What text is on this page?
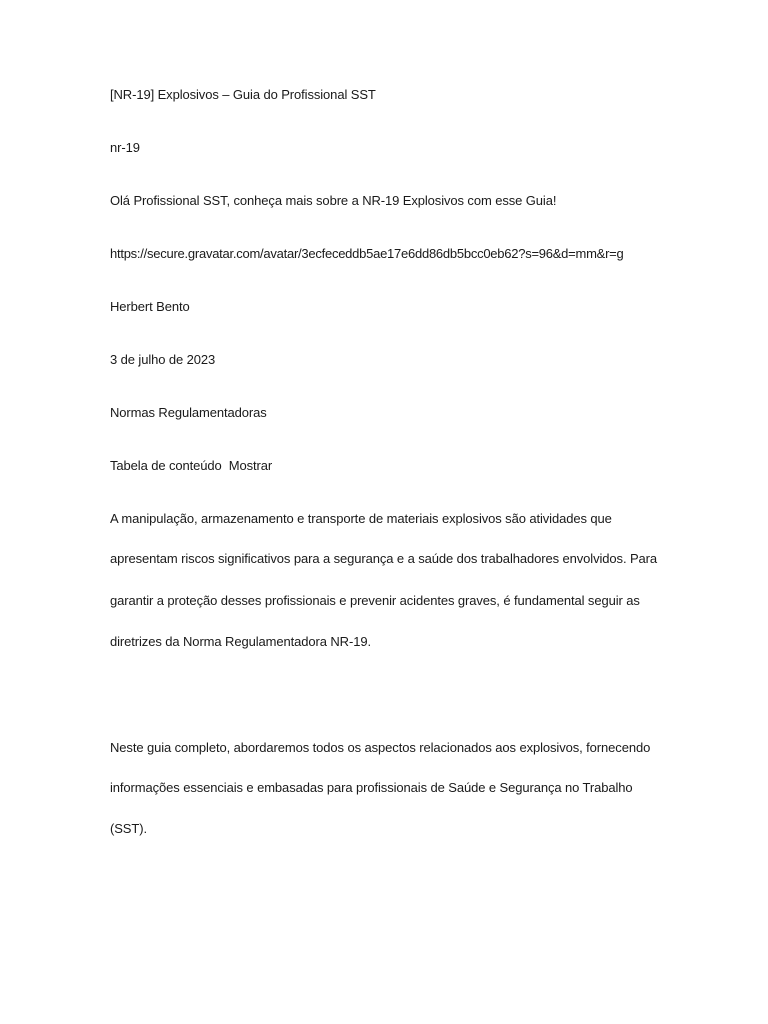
[NR-19] Explosivos – Guia do Profissional SST
nr-19
Olá Profissional SST, conheça mais sobre a NR-19 Explosivos com esse Guia!
https://secure.gravatar.com/avatar/3ecfeceddb5ae17e6dd86db5bcc0eb62?s=96&d=mm&r=g
Herbert Bento
3 de julho de 2023
Normas Regulamentadoras
Tabela de conteúdo Mostrar
A manipulação, armazenamento e transporte de materiais explosivos são atividades que
apresentam riscos significativos para a segurança e a saúde dos trabalhadores envolvidos. Para
garantir a proteção desses profissionais e prevenir acidentes graves, é fundamental seguir as
diretrizes da Norma Regulamentadora NR-19.
Neste guia completo, abordaremos todos os aspectos relacionados aos explosivos, fornecendo
informações essenciais e embasadas para profissionais de Saúde e Segurança no Trabalho
(SST).
